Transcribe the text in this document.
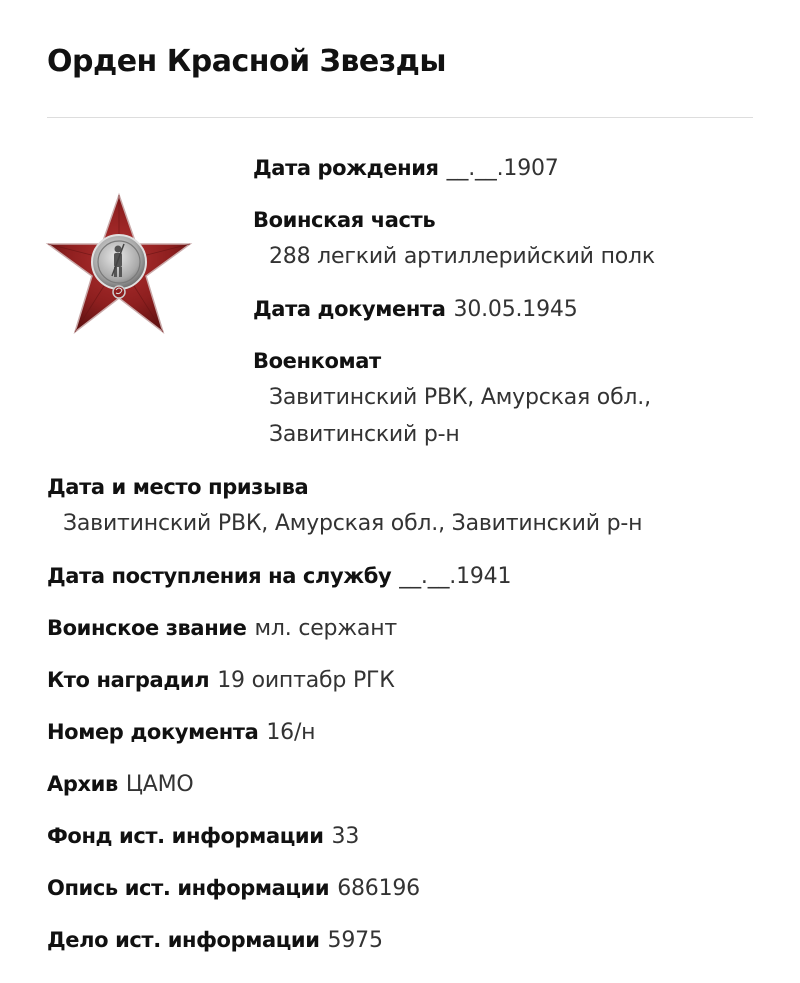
Орден Красной Звезды
Дата рождения __.__.1907
Воинская часть
288 легкий артиллерийский полк
Дата документа 30.05.1945
Военкомат
Завитинский РВК, Амурская обл.,
Завитинский р-н
Дата и место призыва
Завитинский РВК, Амурская обл., Завитинский р-н
Дата поступления на службу __.__.1941
Воинское звание мл. сержант
Кто наградил 19 оиптабр РГК
Номер документа 16/н
Архив ЦАМО
Фонд ист. информации 33
Опись ист. информации 686196
Дело ист. информации 5975
